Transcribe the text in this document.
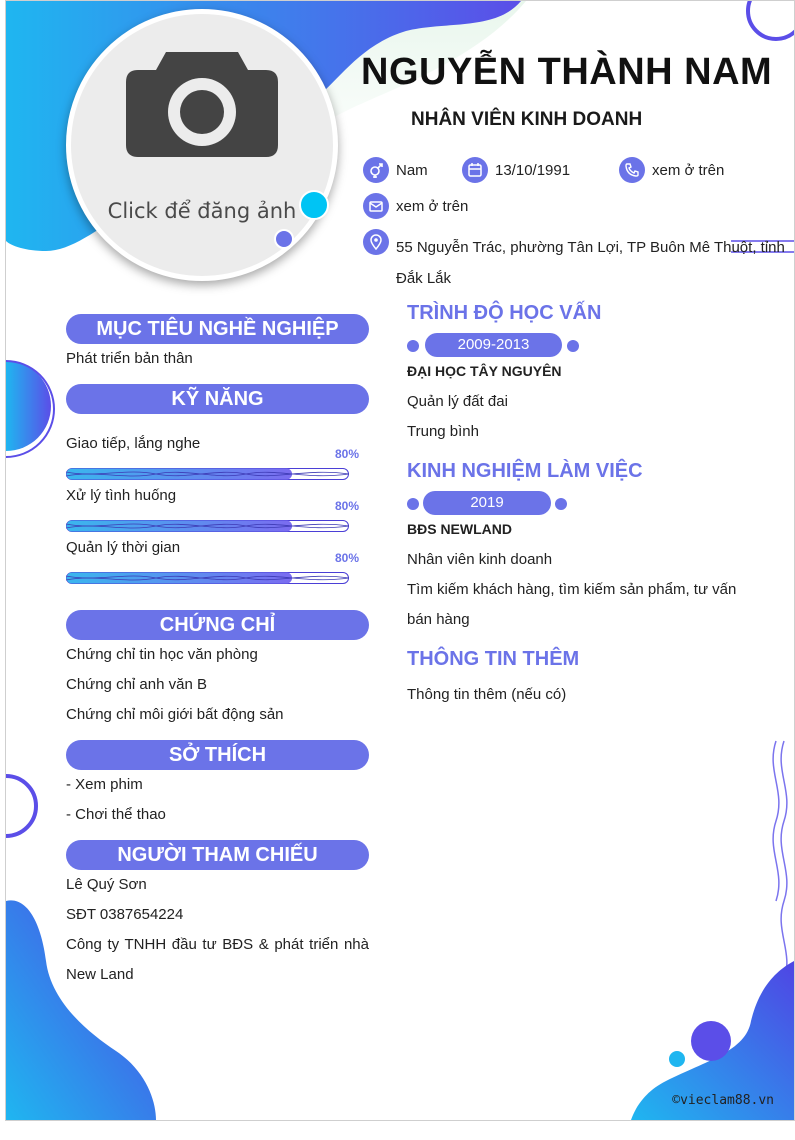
Click để đăng ảnh
NGUYỄN THÀNH NAM
NHÂN VIÊN KINH DOANH
Nam	13/10/1991	xem ở trên
xem ở trên
55 Nguyễn Trác, phường Tân Lợi, TP Buôn Mê Thuột, tỉnh Đắk Lắk
MỤC TIÊU NGHỀ NGHIỆP
Phát triển bản thân
KỸ NĂNG
Giao tiếp, lắng nghe
80%
Xử lý tình huống
80%
Quản lý thời gian
80%
CHỨNG CHỈ
Chứng chỉ tin học văn phòng
Chứng chỉ anh văn B
Chứng chỉ môi giới bất động sản
SỞ THÍCH
- Xem phim
- Chơi thể thao
NGƯỜI THAM CHIẾU
Lê Quý Sơn
SĐT 0387654224
Công ty TNHH đầu tư BĐS & phát triển nhà
New Land
TRÌNH ĐỘ HỌC VẤN
2009-2013
ĐẠI HỌC TÂY NGUYÊN
Quản lý đất đai
Trung bình
KINH NGHIỆM LÀM VIỆC
2019
BĐS NEWLAND
Nhân viên kinh doanh
Tìm kiếm khách hàng, tìm kiếm sản phẩm, tư vấn
bán hàng
THÔNG TIN THÊM
Thông tin thêm (nếu có)
©vieclam88.vn
